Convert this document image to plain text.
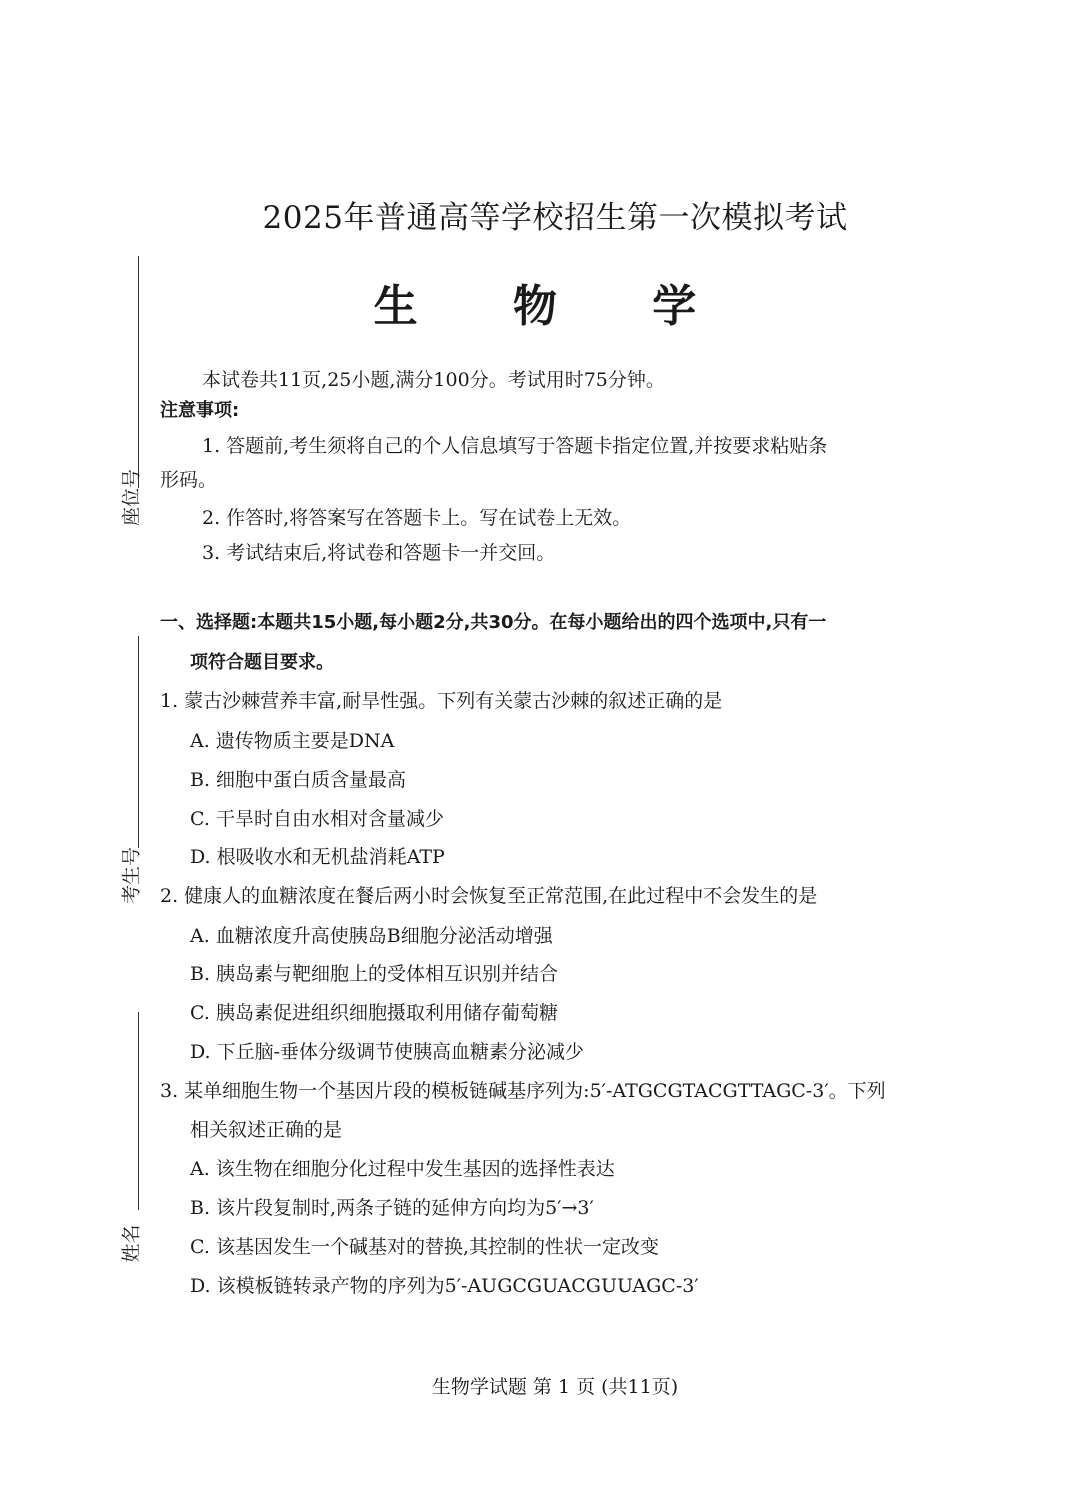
2025年普通高等学校招生第一次模拟考试
生 物 学
座位号
考生号
姓名
本试卷共11页,25小题,满分100分。考试用时75分钟。
注意事项:
1. 答题前,考生须将自己的个人信息填写于答题卡指定位置,并按要求粘贴条
形码。
2. 作答时,将答案写在答题卡上。写在试卷上无效。
3. 考试结束后,将试卷和答题卡一并交回。
一、选择题:本题共15小题,每小题2分,共30分。在每小题给出的四个选项中,只有一
项符合题目要求。
1. 蒙古沙棘营养丰富,耐旱性强。下列有关蒙古沙棘的叙述正确的是
A. 遗传物质主要是DNA
B. 细胞中蛋白质含量最高
C. 干旱时自由水相对含量减少
D. 根吸收水和无机盐消耗ATP
2. 健康人的血糖浓度在餐后两小时会恢复至正常范围,在此过程中不会发生的是
A. 血糖浓度升高使胰岛B细胞分泌活动增强
B. 胰岛素与靶细胞上的受体相互识别并结合
C. 胰岛素促进组织细胞摄取利用储存葡萄糖
D. 下丘脑-垂体分级调节使胰高血糖素分泌减少
3. 某单细胞生物一个基因片段的模板链碱基序列为:5′-ATGCGTACGTTAGC-3′。下列
相关叙述正确的是
A. 该生物在细胞分化过程中发生基因的选择性表达
B. 该片段复制时,两条子链的延伸方向均为5′→3′
C. 该基因发生一个碱基对的替换,其控制的性状一定改变
D. 该模板链转录产物的序列为5′-AUGCGUACGUUAGC-3′
生物学试题 第 1 页 (共11页)
